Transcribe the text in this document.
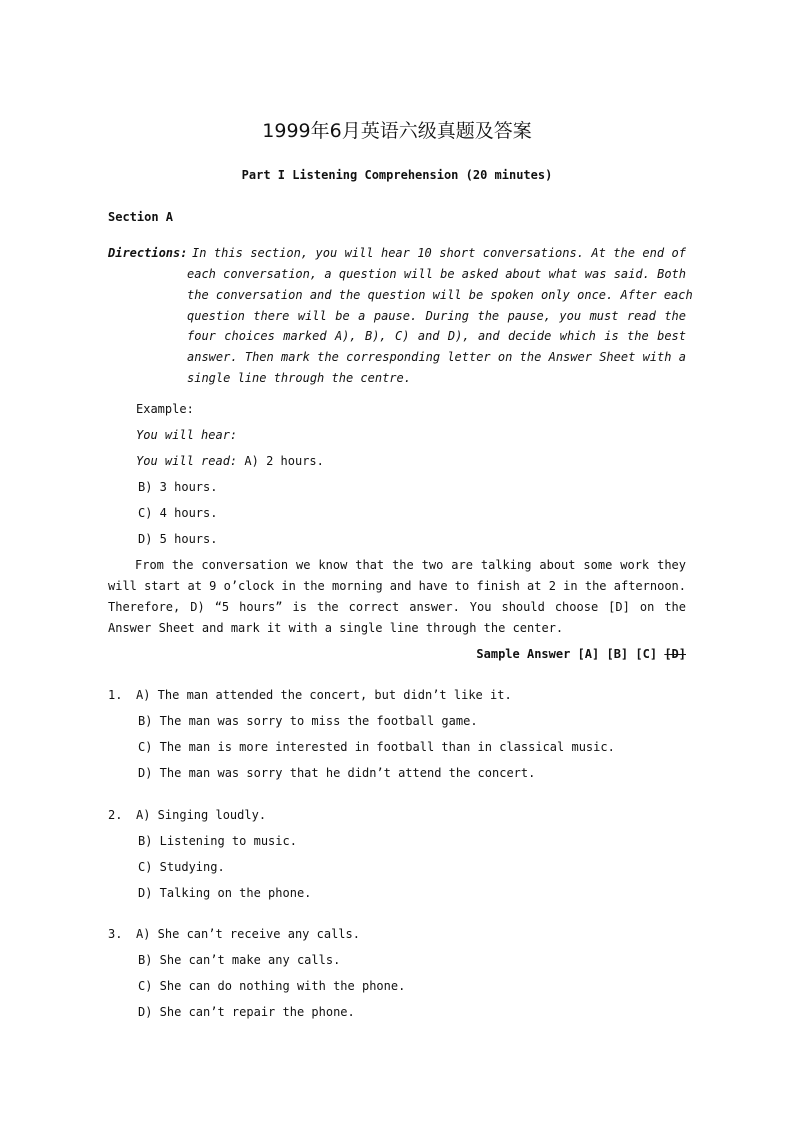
1999年6月英语六级真题及答案
Part I Listening Comprehension (20 minutes)
Section A
Directions: In this section, you will hear 10 short conversations. At the end of
each conversation, a question will be asked about what was said. Both
the conversation and the question will be spoken only once. After each
question there will be a pause. During the pause, you must read the
four choices marked A), B), C) and D), and decide which is the best
answer. Then mark the corresponding letter on the Answer Sheet with a
single line through the centre.
Example:
You will hear:
You will read: A) 2 hours.
B) 3 hours.
C) 4 hours.
D) 5 hours.
From the conversation we know that the two are talking about some work they
will start at 9 o’clock in the morning and have to finish at 2 in the afternoon.
Therefore, D) “5 hours” is the correct answer. You should choose [D] on the
Answer Sheet and mark it with a single line through the center.
Sample Answer [A] [B] [C] [D]
1. A) The man attended the concert, but didn’t like it.
B) The man was sorry to miss the football game.
C) The man is more interested in football than in classical music.
D) The man was sorry that he didn’t attend the concert.
2. A) Singing loudly.
B) Listening to music.
C) Studying.
D) Talking on the phone.
3. A) She can’t receive any calls.
B) She can’t make any calls.
C) She can do nothing with the phone.
D) She can’t repair the phone.
